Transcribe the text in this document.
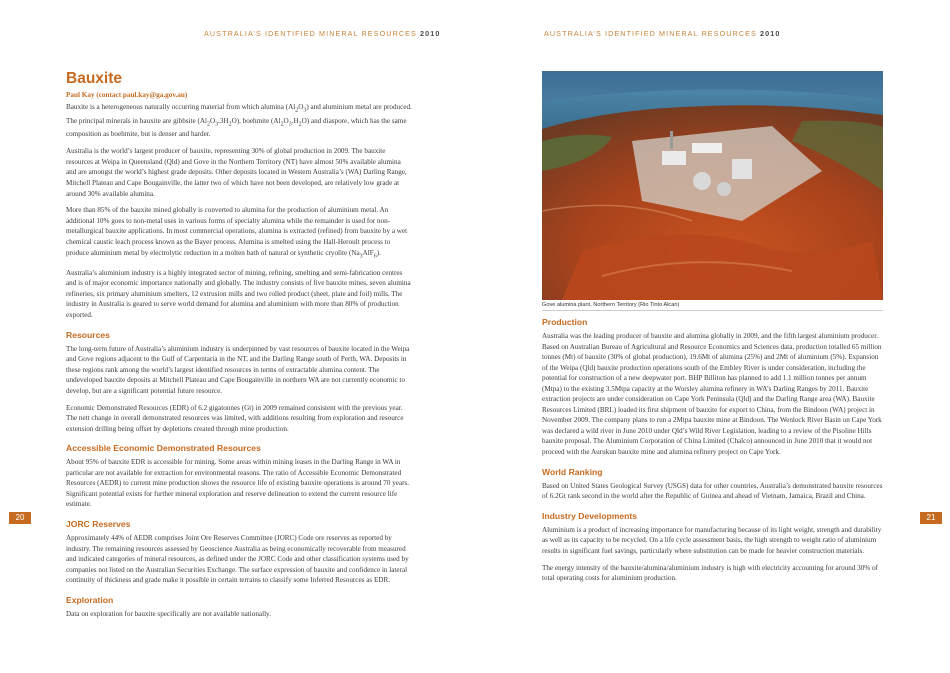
AUSTRALIA’S IDENTIFIED MINERAL RESOURCES 2010	AUSTRALIA’S IDENTIFIED MINERAL RESOURCES 2010
20	21
Bauxite
Paul Kay (contact paul.kay@ga.gov.au)

Bauxite is a heterogeneous naturally occurring material from which alumina $(Al_2O_3)$ and aluminium metal are produced. The principal minerals in bauxite are gibbsite $(Al_2O_3.3H_2O)$, boehmite $(Al_2O_3.H_2O)$ and diaspore, which has the same composition as boehmite, but is denser and harder.

Australia is the world’s largest producer of bauxite, representing 30% of global production in 2009. The bauxite resources at Weipa in Queensland (Qld) and Gove in the Northern Territory (NT) have almost 50% available alumina and are amongst the world’s highest grade deposits. Other deposits located in Western Australia’s (WA) Darling Range, Mitchell Plateau and Cape Bougainville, the latter two of which have not been developed, are relatively low grade at around 30% available alumina.

More than 85% of the bauxite mined globally is converted to alumina for the production of aluminium metal. An additional 10% goes to non-metal uses in various forms of specialty alumina while the remainder is used for non-metallurgical bauxite applications. In most commercial operations, alumina is extracted (refined) from bauxite by a wet chemical caustic leach process known as the Bayer process. Alumina is smelted using the Hall-Heroult process to produce aluminium metal by electrolytic reduction in a molten bath of natural or synthetic cryolite $(Na_3AlF_6)$.

Australia’s aluminium industry is a highly integrated sector of mining, refining, smelting and semi-fabrication centres and is of major economic importance nationally and globally. The industry consists of five bauxite mines, seven alumina refineries, six primary aluminium smelters, 12 extrusion mills and two rolled product (sheet, plate and foil) mills. The industry in Australia is geared to serve world demand for alumina and aluminium with more than 80% of production exported.

Resources

The long-term future of Australia’s aluminium industry is underpinned by vast resources of bauxite located in the Weipa and Gove regions adjacent to the Gulf of Carpentaria in the NT, and the Darling Range south of Perth, WA. Deposits in these regions rank among the world’s largest identified resources in terms of extractable alumina content. The undeveloped bauxite deposits at Mitchell Plateau and Cape Bougainville in northern WA are not currently economic to develop, but are a significant potential future resource.

Economic Demonstrated Resources (EDR) of 6.2 gigatonnes (Gt) in 2009 remained consistent with the previous year. The nett change in overall demonstrated resources was limited, with additions resulting from exploration and resource extension drilling being offset by depletions created through mine production.

Accessible Economic Demonstrated Resources

About 95% of bauxite EDR is accessible for mining. Some areas within mining leases in the Darling Range in WA in particular are not available for extraction for environmental reasons. The ratio of Accessible Economic Demonstrated Resources (AEDR) to current mine production shows the resource life of existing bauxite operations is around 70 years. Significant potential exists for further mineral exploration and reserve delineation to extend the current resource life estimate.

JORC Reserves

Approximately 44% of AEDR comprises Joint Ore Reserves Committee (JORC) Code ore reserves as reported by industry. The remaining resources assessed by Geoscience Australia as being economically recoverable from measured and indicated categories of mineral resources, as defined under the JORC Code and other classification systems used by companies not listed on the Australian Securities Exchange. The surface expression of bauxite and confidence in lateral continuity of thickness and grade make it possible in certain terrains to classify some Inferred Resources as EDR.

Exploration

Data on exploration for bauxite specifically are not available nationally.

Gove alumina plant, Northern Territory (Rio Tinto Alcan)
Production

Australia was the leading producer of bauxite and alumina globally in 2009, and the fifth largest aluminium producer. Based on Australian Bureau of Agricultural and Resource Economics and Sciences data, production totalled 65 million tonnes (Mt) of bauxite (30% of global production), 19.6Mt of alumina (25%) and 2Mt of aluminium (5%). Expansion of the Weipa (Qld) bauxite production operations south of the Embley River is under consideration, including the potential for construction of a new deepwater port. BHP Billiton has planned to add 1.1 million tonnes per annum (Mtpa) to the existing 3.5Mtpa capacity at the Worsley alumina refinery in WA’s Darling Ranges by 2011. Bauxite extraction projects are under consideration on Cape York Peninsula (Qld) and the Darling Range area (WA). Bauxite Resources Limited (BRL) loaded its first shipment of bauxite for export to China, from the Bindoon (WA) project in November 2009. The company plans to run a 2Mtpa bauxite mine at Bindoon. The Wenlock River Basin on Cape York was declared a wild river in June 2010 under Qld’s Wild River Legislation, leading to a review of the Pisoline Hills bauxite proposal. The Aluminium Corporation of China Limited (Chalco) announced in June 2010 that it would not proceed with the Aurukun bauxite mine and alumina refinery project on Cape York.

World Ranking

Based on United States Geological Survey (USGS) data for other countries, Australia’s demonstrated bauxite resources of 6.2Gt rank second in the world after the Republic of Guinea and ahead of Vietnam, Jamaica, Brazil and China.

Industry Developments

Aluminium is a product of increasing importance for manufacturing because of its light weight, strength and durability as well as its capacity to be recycled. On a life cycle assessment basis, the high strength to weight ratio of aluminium results in significant fuel savings, particularly where substitution can be made for heavier construction materials.

The energy intensity of the bauxite/alumina/aluminium industry is high with electricity accounting for around 30% of total operating costs for aluminium production.
